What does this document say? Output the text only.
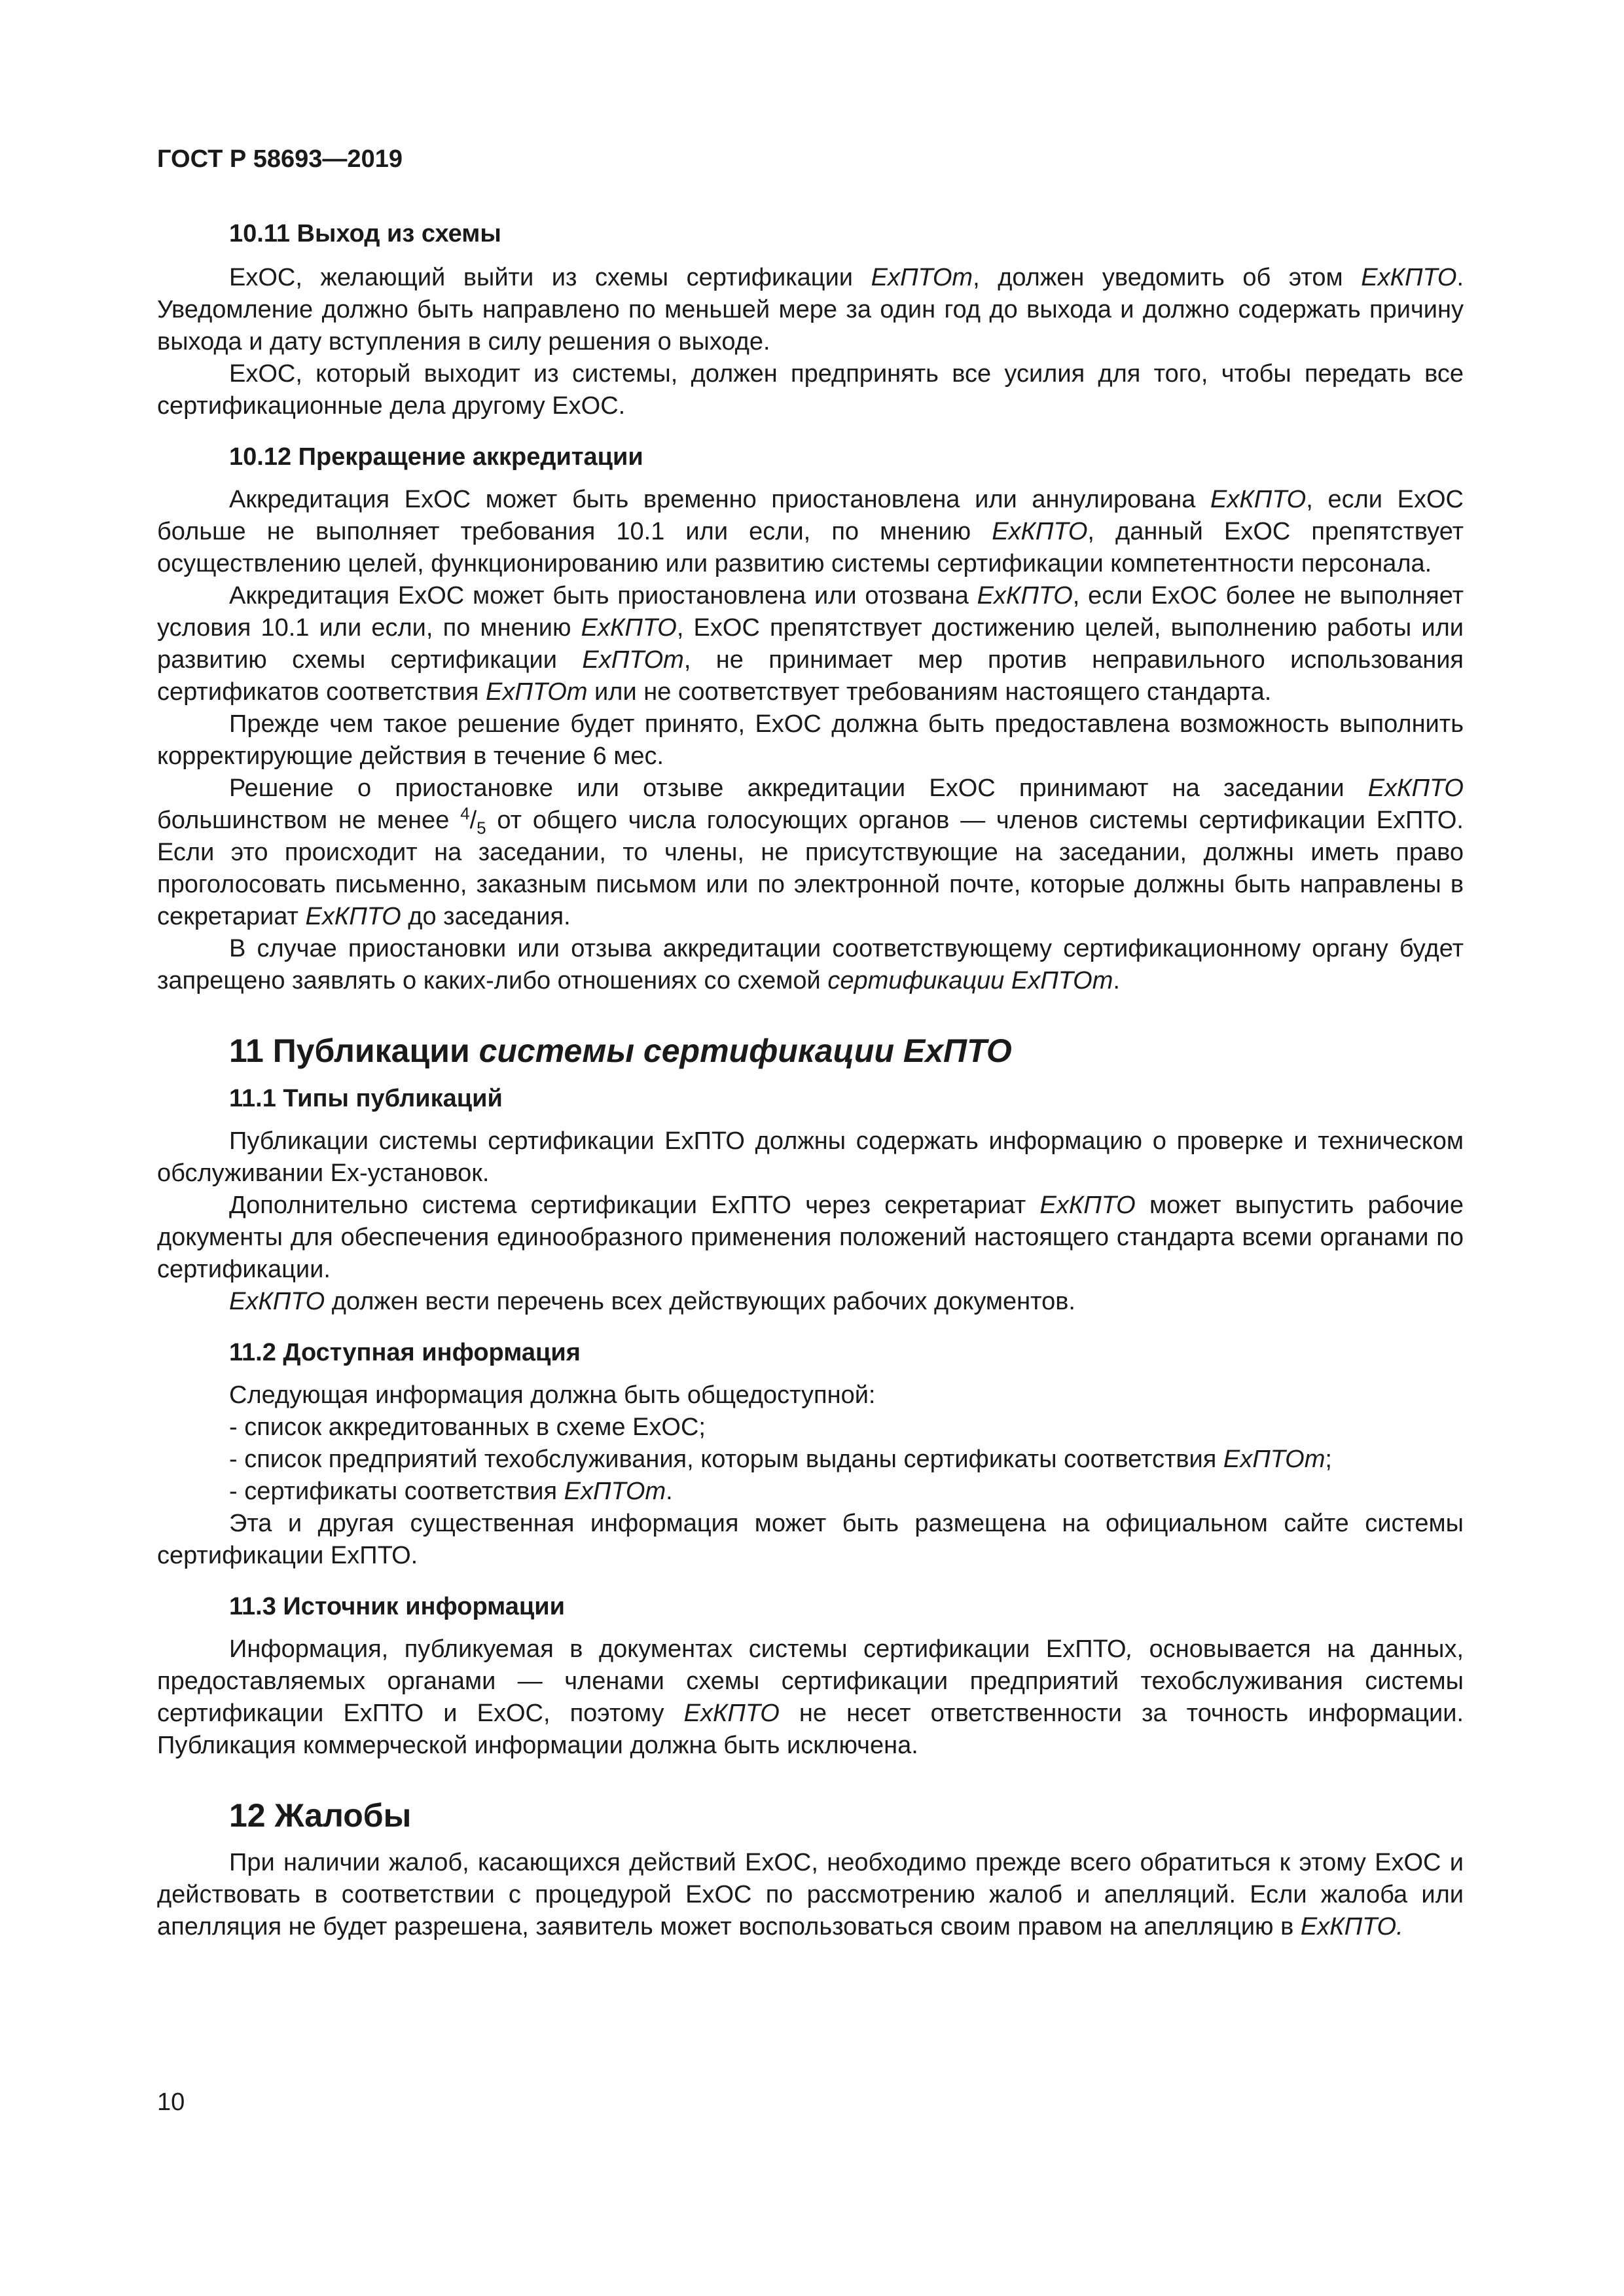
ГОСТ Р 58693—2019
10.11 Выход из схемы

ExOC, желающий выйти из схемы сертификации ExПТОт, должен уведомить об этом ExКПТО. Уведомление должно быть направлено по меньшей мере за один год до выхода и должно содержать причину выхода и дату вступления в силу решения о выходе.

ExOC, который выходит из системы, должен предпринять все усилия для того, чтобы передать все сертификационные дела другому ExOC.

10.12 Прекращение аккредитации

Аккредитация ExOC может быть временно приостановлена или аннулирована ExКПТО, если ExOC больше не выполняет требования 10.1 или если, по мнению ExКПТО, данный ExOC препятствует осуществлению целей, функционированию или развитию системы сертификации компетентности персонала.

Аккредитация ExOC может быть приостановлена или отозвана ExКПТО, если ExOC более не выполняет условия 10.1 или если, по мнению ExКПТО, ExOC препятствует достижению целей, выполнению работы или развитию схемы сертификации ExПТОт, не принимает мер против неправильного использования сертификатов соответствия ExПТОт или не соответствует требованиям настоящего стандарта.

Прежде чем такое решение будет принято, ExOC должна быть предоставлена возможность выполнить корректирующие действия в течение 6 мес.

Решение о приостановке или отзыве аккредитации ExOC принимают на заседании ExКПТО большинством не менее $^4/_5$ от общего числа голосующих органов — членов системы сертификации ExПТО. Если это происходит на заседании, то члены, не присутствующие на заседании, должны иметь право проголосовать письменно, заказным письмом или по электронной почте, которые должны быть направлены в секретариат ExКПТО до заседания.

В случае приостановки или отзыва аккредитации соответствующему сертификационному органу будет запрещено заявлять о каких-либо отношениях со схемой сертификации ExПТОт.

11 Публикации системы сертификации ExПТО
11.1 Типы публикаций

Публикации системы сертификации ExПТО должны содержать информацию о проверке и техническом обслуживании Ex-установок.

Дополнительно система сертификации ExПТО через секретариат ExКПТО может выпустить рабочие документы для обеспечения единообразного применения положений настоящего стандарта всеми органами по сертификации.

ExКПТО должен вести перечень всех действующих рабочих документов.

11.2 Доступная информация

Следующая информация должна быть общедоступной:

- список аккредитованных в схеме ExOC;

- список предприятий техобслуживания, которым выданы сертификаты соответствия ExПТОт;

- сертификаты соответствия ExПТОт.

Эта и другая существенная информация может быть размещена на официальном сайте системы сертификации ExПТО.

11.3 Источник информации

Информация, публикуемая в документах системы сертификации ExПТО, основывается на данных, предоставляемых органами — членами схемы сертификации предприятий техобслуживания системы сертификации ExПТО и ExOC, поэтому ExКПТО не несет ответственности за точность информации. Публикация коммерческой информации должна быть исключена.

12 Жалобы

При наличии жалоб, касающихся действий ExOC, необходимо прежде всего обратиться к этому ExOC и действовать в соответствии с процедурой ExOC по рассмотрению жалоб и апелляций. Если жалоба или апелляция не будет разрешена, заявитель может воспользоваться своим правом на апелляцию в ExКПТО.

10
